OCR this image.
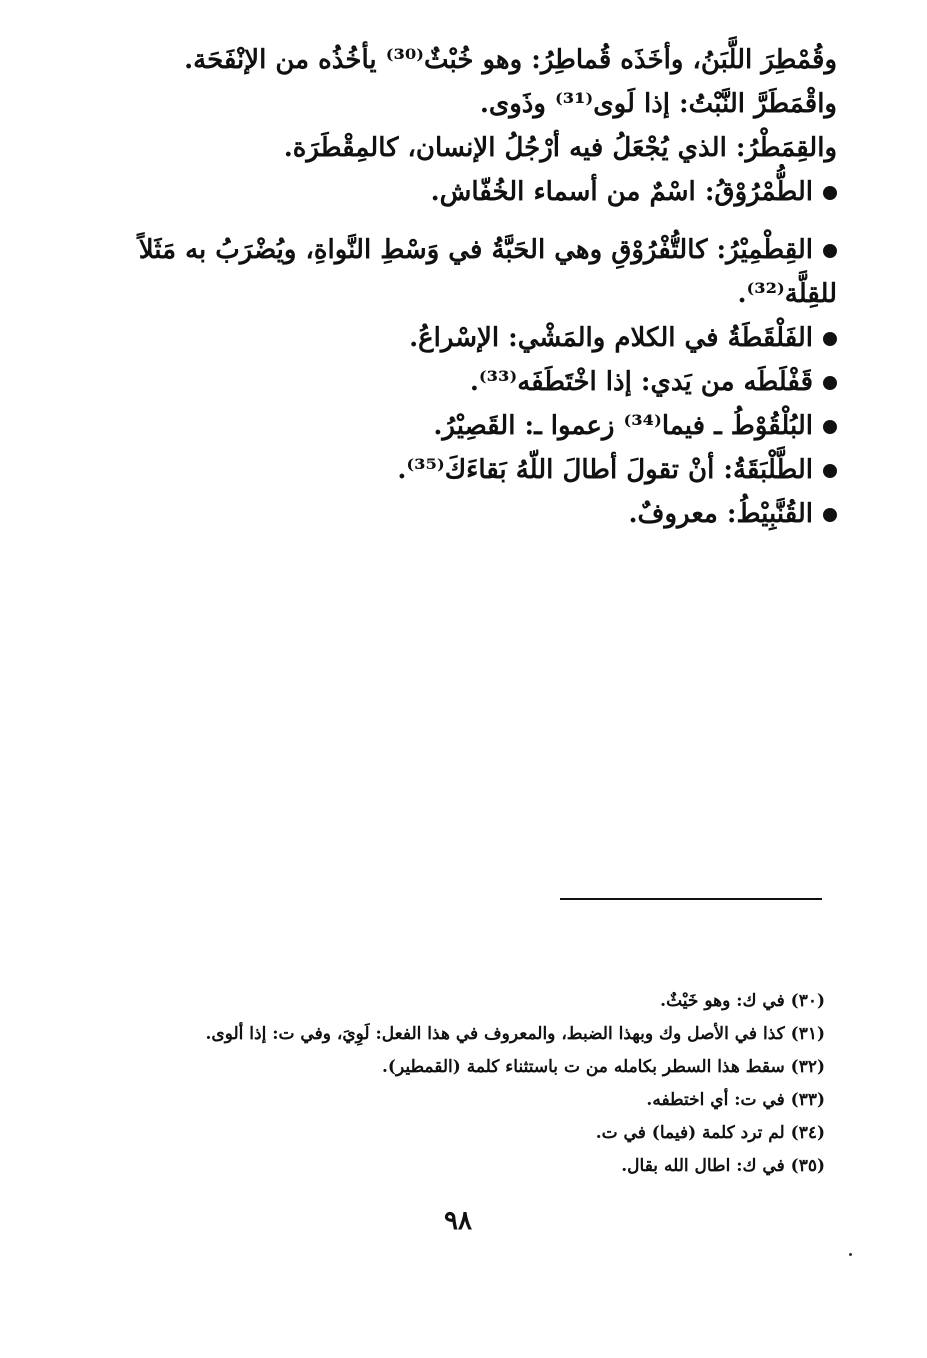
وقُمْطِرَ اللَّبَنُ، وأخَذَه قُماطِرُ: وهو خُبْثٌ⁽³⁰⁾ يأخُذُه من الإنْفَحَة.
واقْمَطَرَّ النَّبْتُ: إذا لَوى⁽³¹⁾ وذَوى.
والقِمَطْرُ: الذي يُجْعَلُ فيه أرْجُلُ الإنسان، كالمِقْطَرَة.
الطُّمْرُوْقُ: اسْمٌ من أسماء الخُفّاش.
القِطْمِيْرُ: كالتُّفْرُوْقِ وهي الحَبَّةُ في وَسْطِ النَّواةِ، ويُضْرَبُ به مَثَلاً للقِلَّة⁽³²⁾.
الفَلْقَطَةُ في الكلام والمَشْي: الإسْراعُ.
قَفْلَطَه من يَدي: إذا اخْتَطَفَه⁽³³⁾.
البُلْقُوْطُ ـ فيما⁽³⁴⁾ زعموا ـ: القَصِيْرُ.
الطَّلْبَقَةُ: أنْ تقولَ أطالَ اللّهُ بَقاءَكَ⁽³⁵⁾.
القُنَّبِيْطُ: معروفٌ.
(٣٠) في ك: وهو خَيْثٌ.
(٣١) كذا في الأصل وك وبهذا الضبط، والمعروف في هذا الفعل: لَوِيَ، وفي ت: إذا ألوى.
(٣٢) سقط هذا السطر بكامله من ت باستثناء كلمة (القمطير).
(٣٣) في ت: أي اختطفه.
(٣٤) لم ترد كلمة (فيما) في ت.
(٣٥) في ك: اطال الله بقال.
٩٨
